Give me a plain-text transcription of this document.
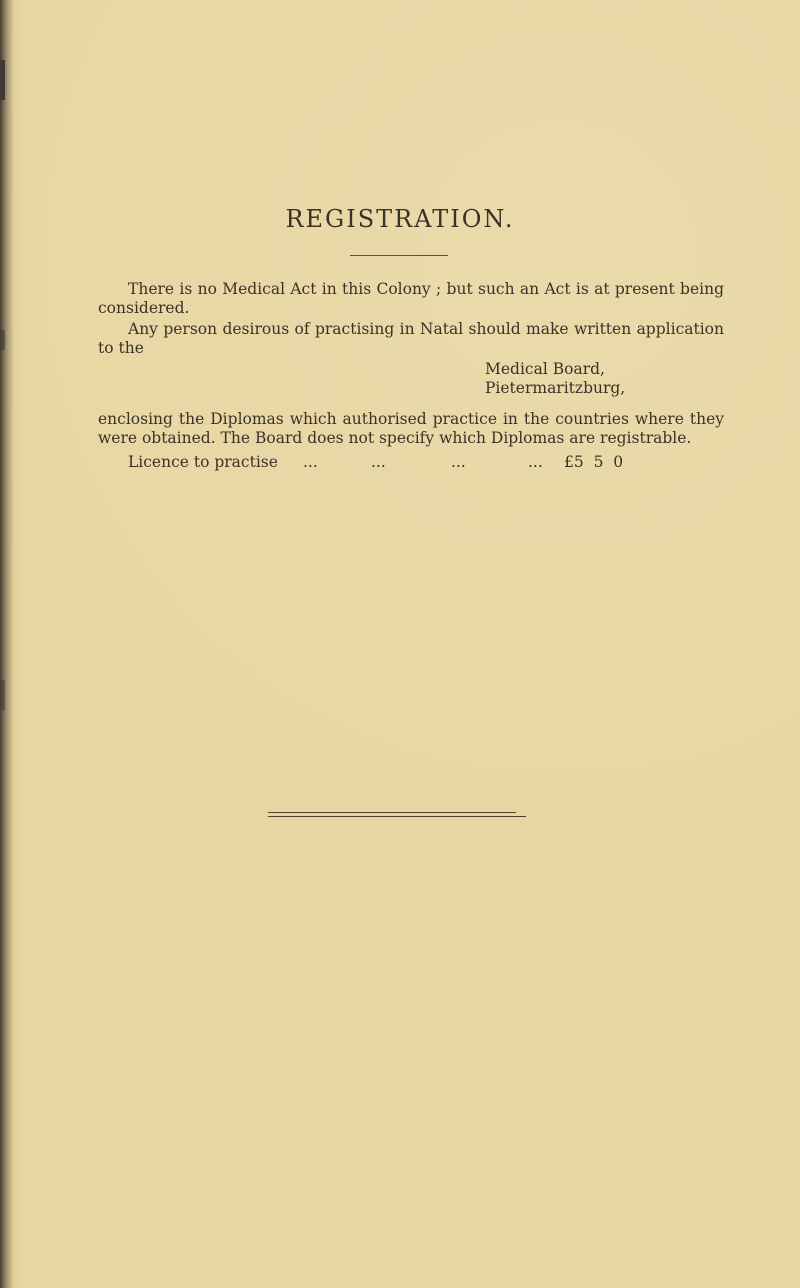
REGISTRATION.

There is no Medical Act in this Colony ; but such an Act is at present being considered.

Any person desirous of practising in Natal should make written application to the

Medical Board,
Pietermaritzburg,

enclosing the Diplomas which authorised practice in the countries where they were obtained. The Board does not specify which Diplomas are registrable.

Licence to practise

...

	...

	...

	...

£5  5  0
